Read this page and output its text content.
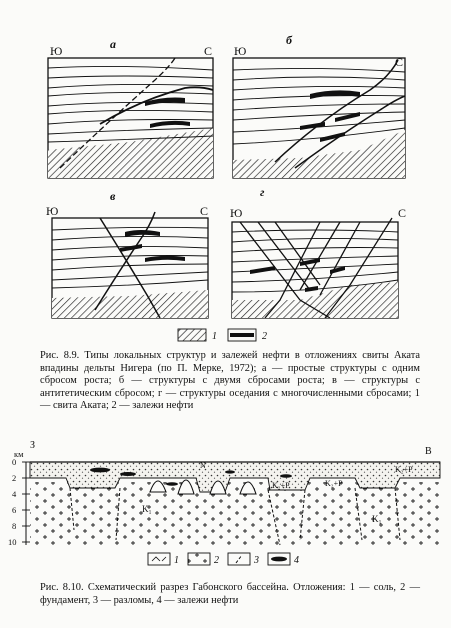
а
Ю	С
б
Ю
С
в
Ю	С
г
Ю	С
1	2
З
В
км
0
2
4
6
8
10
N
K₂+P	K₂+P
K₂+P
K₁
K₁
1	2	3	4
Рис. 8.9. Типы локальных структур и залежей нефти в отложениях свиты Аката впадины дельты Нигера (по П. Мерке, 1972); а — простые структуры с одним сбросом роста; б — структуры с двумя сбросами роста; в — структуры с антитетическим сбросом; г — структуры оседания с многочисленными сбросами; 1 — свита Аката; 2 — залежи нефти
Рис. 8.10. Схематический разрез Габонского бассейна. Отложения: 1 — соль, 2 — фундамент, 3 — разломы, 4 — залежи нефти
